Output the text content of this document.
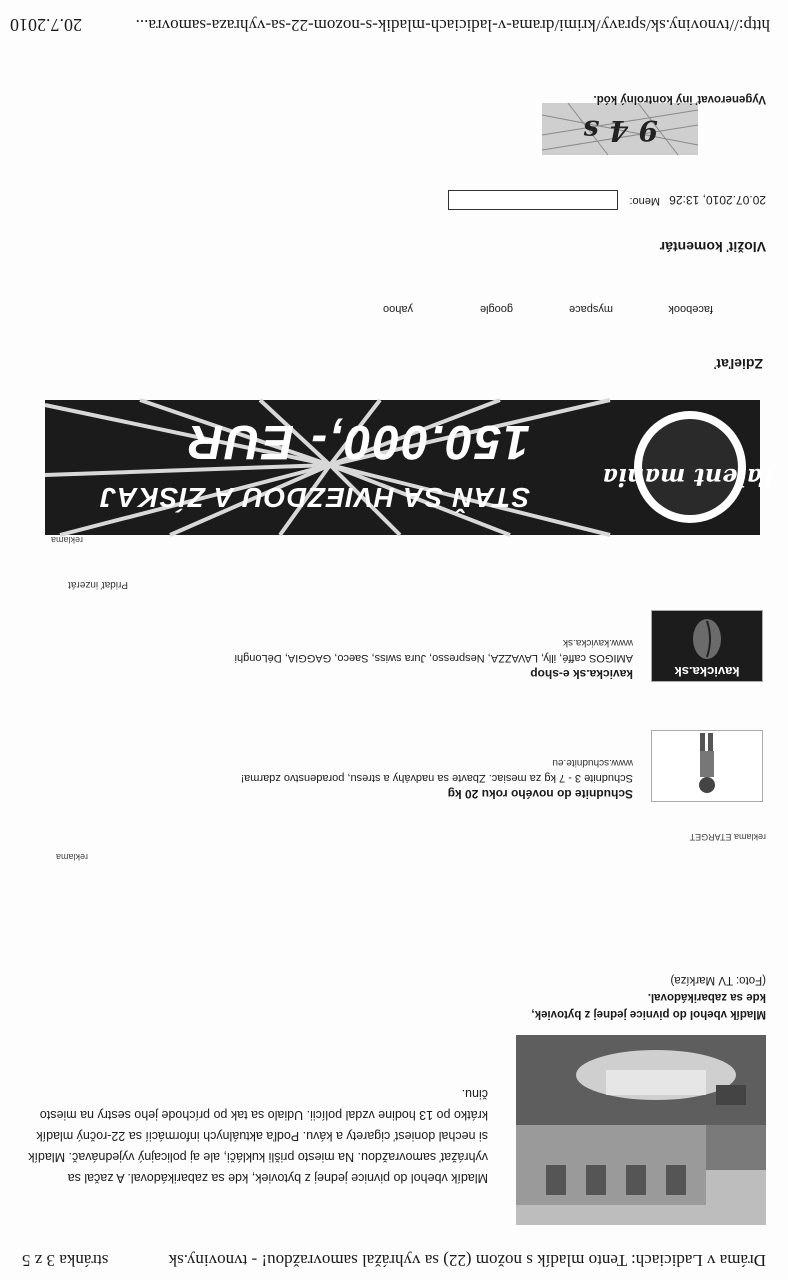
Dráma v Ladiciach: Tento mladík s nožom (22) sa vyhrážal samovraždou! - tvnoviny.sk
stránka 3 z 5
Mladík vbehol do pivnice jednej z bytoviek, kde sa zabarikádoval. A začal sa vyhrážať samovraždou. Na miesto prišli kukláči, ale aj policajný vyjednávač. Mladík si nechal doniesť cigarety a kávu. Podľa aktuálnych informácií sa 22-ročný mladík krátko po 13 hodine vzdal polícii. Udialo sa tak po príchode jeho sestry na miesto činu.
Mladík vbehol do pivnice jednej z bytoviek, kde sa zabarikádoval.
(Foto: TV Markíza)
reklama
reklama ETARGET
Schudnite do nového roku 20 kg
Schudnite 3 - 7 kg za mesiac. Zbavte sa nadváhy a stresu, poradenstvo zdarma!
www.schudnite.eu
kavicka.sk
kavicka.sk e-shop
AMIGOS caffé, illy, LAVAZZA, Nespresso, Jura swiss, Saeco, GAGGIA, DéLonghi
www.kavicka.sk
Pridať inzerát
reklama
Talent mania
STAŇ SA HVIEZDOU A ZÍSKAJ
150.000,- EUR
Zdieľať
facebook
myspace
google
yahoo
Vložiť komentár
20.07.2010, 13:26
Meno:
94s
Vygenerovať iný kontrolný kód.
http://tvnoviny.sk/spravy/krimi/drama-v-ladiciach-mladik-s-nozom-22-sa-vyhraza-samovra...
20.7.2010
